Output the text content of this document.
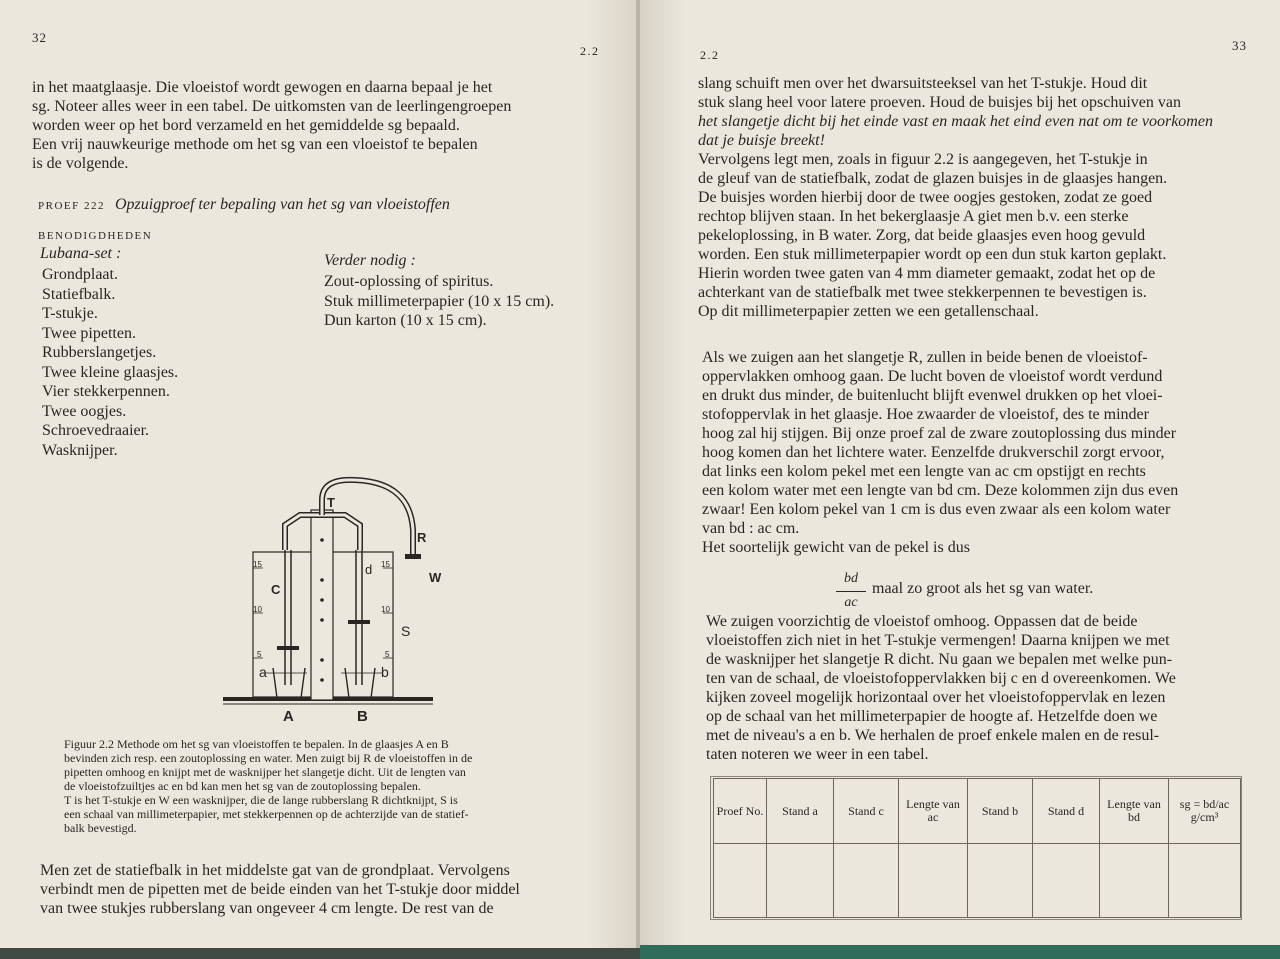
32
2.2

in het maatglaasje. Die vloeistof wordt gewogen en daarna bepaal je het
sg. Noteer alles weer in een tabel. De uitkomsten van de leerlingengroepen
worden weer op het bord verzameld en het gemiddelde sg bepaald.
Een vrij nauwkeurige methode om het sg van een vloeistof te bepalen
is de volgende.

PROEF 222 Opzuigproef ter bepaling van het sg van vloeistoffen
BENODIGDHEDEN
Lubana-set :
Grondplaat.
Statiefbalk.
T-stukje.
Twee pipetten.
Rubberslangetjes.
Twee kleine glaasjes.
Vier stekkerpennen.
Twee oogjes.
Schroevedraaier.
Wasknijper.
Verder nodig :
Zout-oplossing of spiritus.
Stuk millimeterpapier (10 x 15 cm).
Dun karton (10 x 15 cm).
T
R
W
C
d
S
a	b
A	B
15
10
5
15
10
5

Figuur 2.2 Methode om het sg van vloeistoffen te bepalen. In de glaasjes A en B
bevinden zich resp. een zoutoplossing en water. Men zuigt bij R de vloeistoffen in de
pipetten omhoog en knijpt met de wasknijper het slangetje dicht. Uit de lengten van
de vloeistofzuiltjes ac en bd kan men het sg van de zoutoplossing bepalen.
T is het T-stukje en W een wasknijper, die de lange rubberslang R dichtknijpt, S is
een schaal van millimeterpapier, met stekkerpennen op de achterzijde van de statief-
balk bevestigd.

Men zet de statiefbalk in het middelste gat van de grondplaat. Vervolgens
verbindt men de pipetten met de beide einden van het T-stukje door middel
van twee stukjes rubberslang van ongeveer 4 cm lengte. De rest van de

2.2
33

slang schuift men over het dwarsuitsteeksel van het T-stukje. Houd dit
stuk slang heel voor latere proeven. Houd de buisjes bij het opschuiven van
het slangetje dicht bij het einde vast en maak het eind even nat om te voorkomen
dat je buisje breekt!
Vervolgens legt men, zoals in figuur 2.2 is aangegeven, het T-stukje in
de gleuf van de statiefbalk, zodat de glazen buisjes in de glaasjes hangen.
De buisjes worden hierbij door de twee oogjes gestoken, zodat ze goed
rechtop blijven staan. In het bekerglaasje A giet men b.v. een sterke
pekeloplossing, in B water. Zorg, dat beide glaasjes even hoog gevuld
worden. Een stuk millimeterpapier wordt op een dun stuk karton geplakt.
Hierin worden twee gaten van 4 mm diameter gemaakt, zodat het op de
achterkant van de statiefbalk met twee stekkerpennen te bevestigen is.
Op dit millimeterpapier zetten we een getallenschaal.

Als we zuigen aan het slangetje R, zullen in beide benen de vloeistof-
oppervlakken omhoog gaan. De lucht boven de vloeistof wordt verdund
en drukt dus minder, de buitenlucht blijft evenwel drukken op het vloei-
stofoppervlak in het glaasje. Hoe zwaarder de vloeistof, des te minder
hoog zal hij stijgen. Bij onze proef zal de zware zoutoplossing dus minder
hoog komen dan het lichtere water. Eenzelfde drukverschil zorgt ervoor,
dat links een kolom pekel met een lengte van ac cm opstijgt en rechts
een kolom water met een lengte van bd cm. Deze kolommen zijn dus even
zwaar! Een kolom pekel van 1 cm is dus even zwaar als een kolom water
van bd : ac cm.
Het soortelijk gewicht van de pekel is dus

bd
ac
maal zo groot als het sg van water.

We zuigen voorzichtig de vloeistof omhoog. Oppassen dat de beide
vloeistoffen zich niet in het T-stukje vermengen! Daarna knijpen we met
de wasknijper het slangetje R dicht. Nu gaan we bepalen met welke pun-
ten van de schaal, de vloeistofoppervlakken bij c en d overeenkomen. We
kijken zoveel mogelijk horizontaal over het vloeistofoppervlak en lezen
op de schaal van het millimeterpapier de hoogte af. Hetzelfde doen we
met de niveau's a en b. We herhalen de proef enkele malen en de resul-
taten noteren we weer in een tabel.

Proef No.	Stand a	Stand c	Lengte van ac	Stand b	Stand d	Lengte van bd	sg = bd/ac g/cm³
